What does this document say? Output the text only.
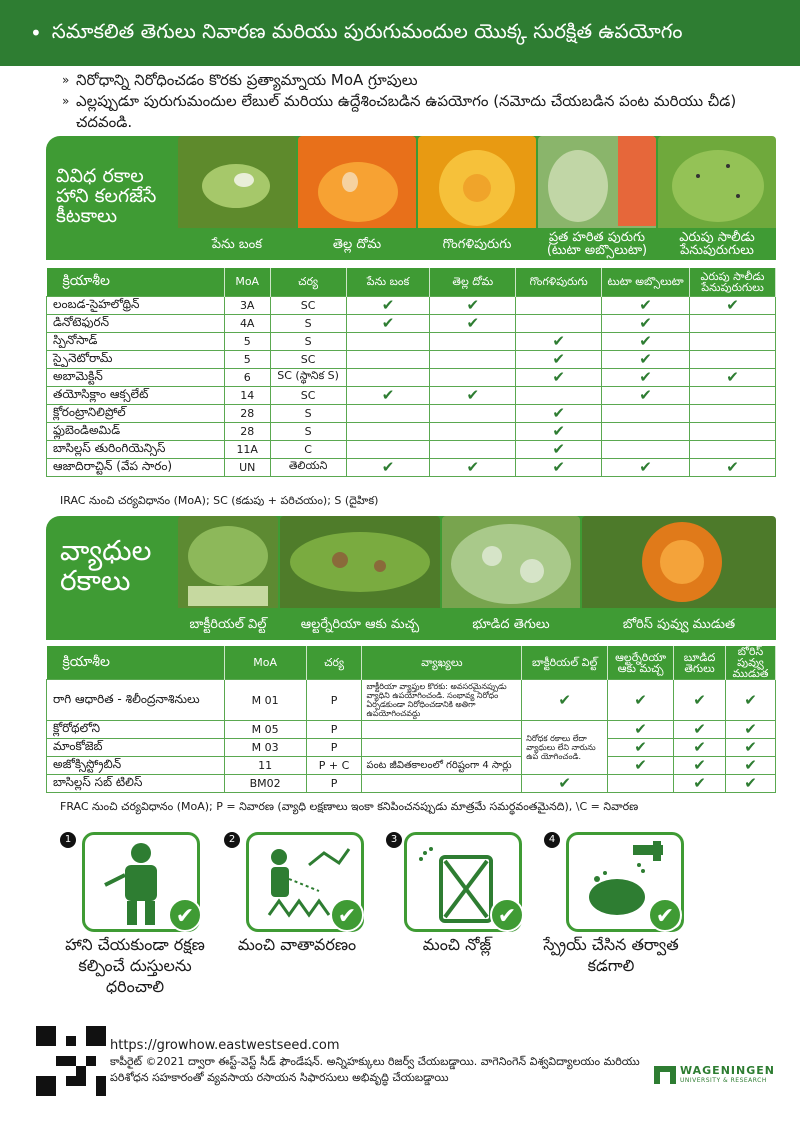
• సమాకలిత తెగులు నివారణ మరియు పురుగుమందుల యొక్క సురక్షిత ఉపయోగం
» నిరోధాన్ని నిరోధించడం కొరకు ప్రత్యామ్నాయ MoA గ్రూపులు
» ఎల్లప్పుడూ పురుగుమందుల లేబుల్ మరియు ఉద్దేశించబడిన ఉపయోగం (నమోదు చేయబడిన పంట మరియు చీడ) చదవండి.
వివిధ రకాల హాని కలగజేసే కీటకాలు
పేను బంక	తెల్ల దోమ	గొంగళిపురుగు	ప్రత హరిత పురుగు (టుటా అబ్సొలుటా)
ఎరుపు సాలీడు పేనుపురుగులు
క్రియాశీల	MoA	చర్య	పేను బంక	తెల్ల దోమ	గొంగళిపురుగు	టుటా అబ్సొలుటా	ఎరుపు సాలీడు పేనుపురుగులు
లంబడ-సైహలోథ్రిన్	3A	SC	✔	✔		✔	✔
డినోటెఫురన్	4A	S	✔	✔		✔	
స్పినోసాడ్	5	S			✔	✔	
స్పైనెటోరామ్	5	SC			✔	✔	
అబామెక్టిన్	6	SC (స్థానిక S)			✔	✔	✔
తయోసిక్లాం ఆక్సలేట్	14	SC	✔	✔		✔	
క్లోరంట్రానిలిప్రోల్	28	S			✔		
ఫ్లుబెండిఅమిడ్	28	S			✔		
బాసిల్లస్ తురింగియెన్సిస్	11A	C			✔		
ఆజాదిరాచ్టిన్ (వేప సారం)	UN	తెలియని	✔	✔	✔	✔	✔
IRAC నుంచి చర్యవిధానం (MoA); SC (కడుపు + పరిచయం); S (దైహిక)
వ్యాధుల రకాలు
బాక్టీరియల్ విల్ట్	ఆల్టర్నేరియా ఆకు మచ్చ	భూడిద తెగులు	బోరిస్ పువ్వు ముడుత
క్రియాశీల	MoA	చర్య	వ్యాఖ్యలు	బాక్టీరియల్ విల్ట్	ఆల్టర్నేరియా ఆకు మచ్చ	బూడిద తెగులు	బోరిస్ పువ్వు ముడుత
రాగి ఆధారిత - శిలీంద్రనాశినులు	M 01	P	బాక్టీరియా వ్యాప్తుల కొరకు: అవసరమైనప్పుడు వ్యాధిని ఉపయోగించండి. సంభావ్య నిరోధం ఏర్పడకుండా నిరోధించడానికి అతిగా ఉపయోగించవద్దు	✔	✔	✔	✔
క్లోరోథలోని	M 05	P		నిరోధక రకాలు లేదా వ్యాధులు లేని నారును ఉప యోగించండి.	✔	✔	✔
మాంకోజెబ్	M 03	P			✔	✔	✔
అజోక్సిస్ట్రోబిన్	11	P + C	పంట జీవితకాలంలో గరిష్టంగా 4 సార్లు		✔	✔	✔
బాసిల్లస్ సబ్ టిలిస్	BM02	P		✔		✔	✔
FRAC నుంచి చర్యవిధానం (MoA); P = నివారణ (వ్యాధి లక్షణాలు ఇంకా కనిపించనప్పుడు మాత్రమే సమర్థవంతమైనది), \C = నివారణ
1
✔
హాని చేయకుండా రక్షణ కల్పించే దుస్తులను ధరించాలి
2
✔
మంచి వాతావరణం
3
✔
మంచి నోజ్ల్
4
✔
స్ప్రేయ్ చేసిన తర్వాత కడగాలి
https://growhow.eastwestseed.com
కాపీరైట్ ©2021 ద్వారా ఈస్ట్-వెస్ట్ సీడ్ ఫౌండేషన్. అన్నిహక్కులు రిజర్వ్ చేయబడ్డాయి. వాగెనింగెన్ విశ్వవిద్యాలయం మరియు పరిశోధన సహకారంతో వ్యవసాయ రసాయన సిఫారసులు అభివృద్ధి చేయబడ్డాయి
WAGENINGEN
UNIVERSITY & RESEARCH
